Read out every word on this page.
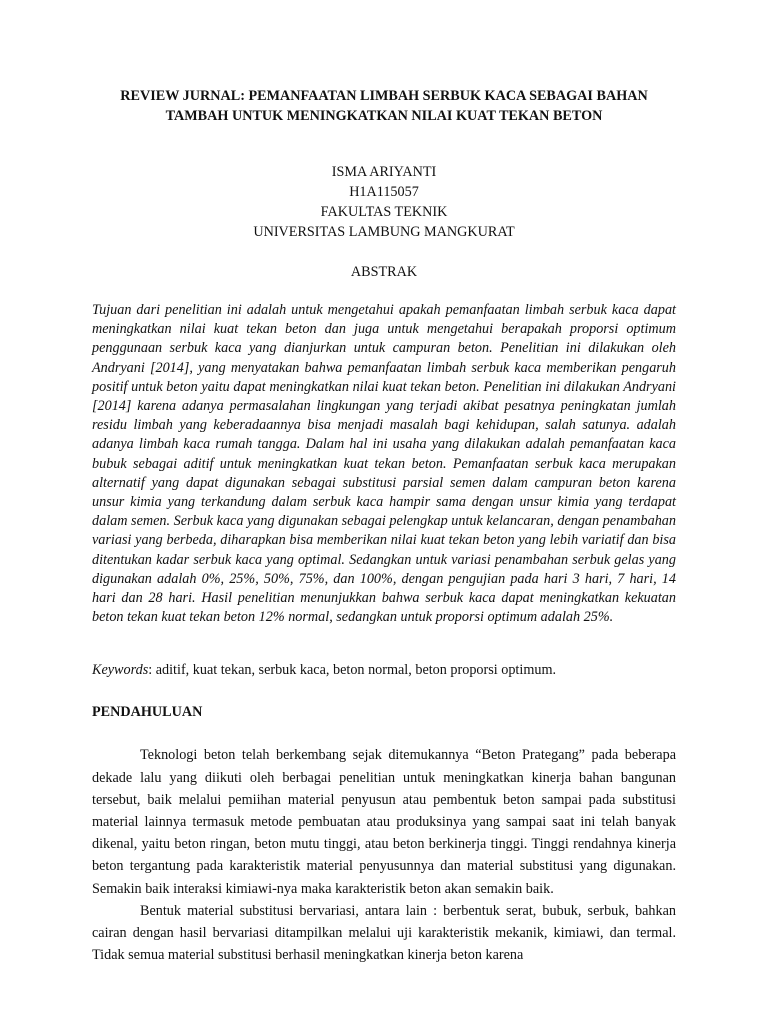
REVIEW JURNAL: PEMANFAATAN LIMBAH SERBUK KACA SEBAGAI BAHAN
TAMBAH UNTUK MENINGKATKAN NILAI KUAT TEKAN BETON
ISMA ARIYANTI
H1A115057
FAKULTAS TEKNIK
UNIVERSITAS LAMBUNG MANGKURAT
ABSTRAK
Tujuan dari penelitian ini adalah untuk mengetahui apakah pemanfaatan limbah serbuk kaca dapat meningkatkan nilai kuat tekan beton dan juga untuk mengetahui berapakah proporsi optimum penggunaan serbuk kaca yang dianjurkan untuk campuran beton. Penelitian ini dilakukan oleh Andryani [2014], yang menyatakan bahwa pemanfaatan limbah serbuk kaca memberikan pengaruh positif untuk beton yaitu dapat meningkatkan nilai kuat tekan beton. Penelitian ini dilakukan Andryani [2014] karena adanya permasalahan lingkungan yang terjadi akibat pesatnya peningkatan jumlah residu limbah yang keberadaannya bisa menjadi masalah bagi kehidupan, salah satunya. adalah adanya limbah kaca rumah tangga. Dalam hal ini usaha yang dilakukan adalah pemanfaatan kaca bubuk sebagai aditif untuk meningkatkan kuat tekan beton. Pemanfaatan serbuk kaca merupakan alternatif yang dapat digunakan sebagai substitusi parsial semen dalam campuran beton karena unsur kimia yang terkandung dalam serbuk kaca hampir sama dengan unsur kimia yang terdapat dalam semen. Serbuk kaca yang digunakan sebagai pelengkap untuk kelancaran, dengan penambahan variasi yang berbeda, diharapkan bisa memberikan nilai kuat tekan beton yang lebih variatif dan bisa ditentukan kadar serbuk kaca yang optimal. Sedangkan untuk variasi penambahan serbuk gelas yang digunakan adalah 0%, 25%, 50%, 75%, dan 100%, dengan pengujian pada hari 3 hari, 7 hari, 14 hari dan 28 hari. Hasil penelitian menunjukkan bahwa serbuk kaca dapat meningkatkan kekuatan beton tekan kuat tekan beton 12% normal, sedangkan untuk proporsi optimum adalah 25%.
Keywords: aditif, kuat tekan, serbuk kaca, beton normal, beton proporsi optimum.
PENDAHULUAN

Teknologi beton telah berkembang sejak ditemukannya “Beton Prategang” pada beberapa dekade lalu yang diikuti oleh berbagai penelitian untuk meningkatkan kinerja bahan bangunan tersebut, baik melalui pemiihan material penyusun atau pembentuk beton sampai pada substitusi material lainnya termasuk metode pembuatan atau produksinya yang sampai saat ini telah banyak dikenal, yaitu beton ringan, beton mutu tinggi, atau beton berkinerja tinggi. Tinggi rendahnya kinerja beton tergantung pada karakteristik material penyusunnya dan material substitusi yang digunakan. Semakin baik interaksi kimiawi-nya maka karakteristik beton akan semakin baik.

Bentuk material substitusi bervariasi, antara lain : berbentuk serat, bubuk, serbuk, bahkan cairan dengan hasil bervariasi ditampilkan melalui uji karakteristik mekanik, kimiawi, dan termal. Tidak semua material substitusi berhasil meningkatkan kinerja beton karena
